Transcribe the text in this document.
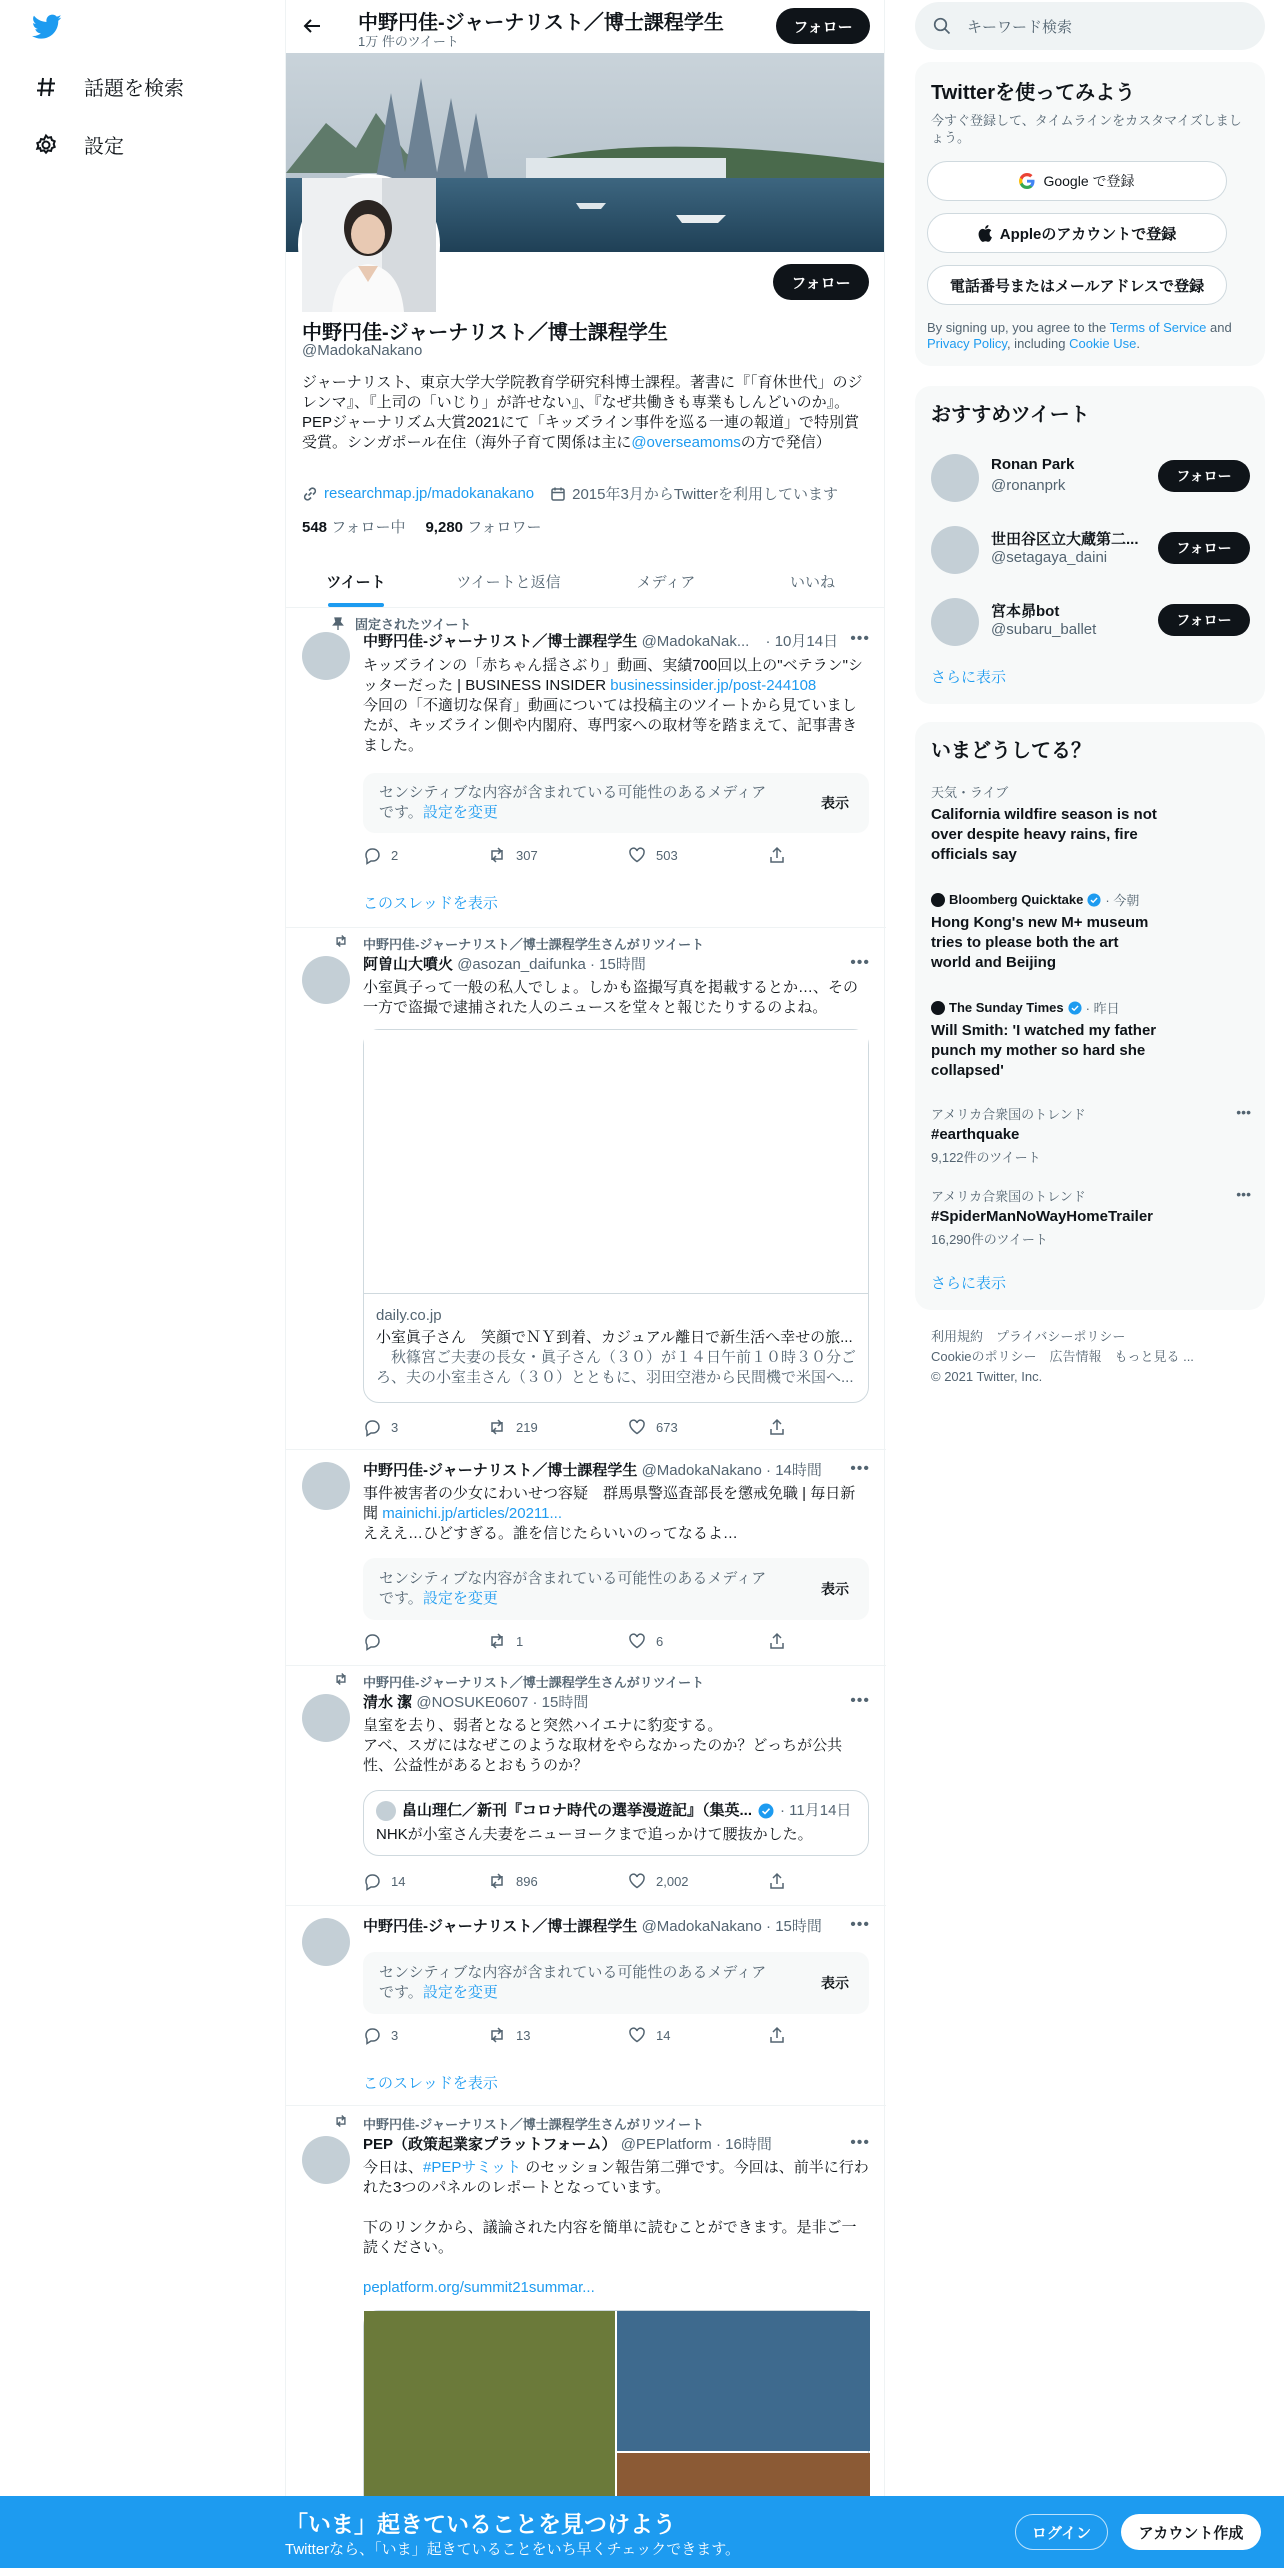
話題を検索
設定
中野円佳-ジャーナリスト／博士課程学生
1万 件のツイート
フォロー
フォロー
中野円佳-ジャーナリスト／博士課程学生
@MadokaNakano
ジャーナリスト、東京大学大学院教育学研究科博士課程。著書に『「育休世代」のジレンマ』、『上司の「いじり」が許せない』、『なぜ共働きも専業もしんどいのか』。PEPジャーナリズム大賞2021にて「キッズライン事件を巡る一連の報道」で特別賞受賞。シンガポール在住（海外子育て関係は主に@overseamomsの方で発信）
researchmap.jp/madokanakano	2015年3月からTwitterを利用しています
548 フォロー中 9,280 フォロワー
ツイート	ツイートと返信	メディア	いいね
固定されたツイート
中野円佳-ジャーナリスト／博士課程学生 @MadokaNak... · 10月14日 •••
キッズラインの「赤ちゃん揺さぶり」動画、実績700回以上の"ベテラン"シッターだった | BUSINESS INSIDER businessinsider.jp/post-244108
今回の「不適切な保育」動画については投稿主のツイートから見ていましたが、キッズライン側や内閣府、専門家への取材等を踏まえて、記事書きました。
センシティブな内容が含まれている可能性のあるメディアです。設定を変更
表示
2	307	503
このスレッドを表示
中野円佳-ジャーナリスト／博士課程学生さんがリツイート
阿曽山大噴火 @asozan_daifunka · 15時間	•••
小室眞子って一般の私人でしょ。しかも盗撮写真を掲載するとか…、その一方で盗撮で逮捕された人のニュースを堂々と報じたりするのよね。
daily.co.jp
小室眞子さん　笑顔でＮＹ到着、カジュアル離日で新生活へ幸せの旅...
　秋篠宮ご夫妻の長女・眞子さん（３０）が１４日午前１０時３０分ごろ、夫の小室圭さん（３０）とともに、羽田空港から民間機で米国へ...
3	219	673
中野円佳-ジャーナリスト／博士課程学生 @MadokaNakano · 14時間 •••
事件被害者の少女にわいせつ容疑　群馬県警巡査部長を懲戒免職 | 毎日新聞 mainichi.jp/articles/20211...
えええ…ひどすぎる。誰を信じたらいいのってなるよ…
センシティブな内容が含まれている可能性のあるメディアです。設定を変更
表示
1	6
中野円佳-ジャーナリスト／博士課程学生さんがリツイート
清水 潔 @NOSUKE0607 · 15時間	•••
皇室を去り、弱者となると突然ハイエナに豹変する。
アベ、スガにはなぜこのような取材をやらなかったのか？どっちが公共性、公益性があるとおもうのか？
畠山理仁／新刊『コロナ時代の選挙漫遊記』（集英... · 11月14日
NHKが小室さん夫妻をニューヨークまで追っかけて腰抜かした。
14	896	2,002
中野円佳-ジャーナリスト／博士課程学生 @MadokaNakano · 15時間 •••
センシティブな内容が含まれている可能性のあるメディアです。設定を変更
表示
3	13	14
このスレッドを表示
中野円佳-ジャーナリスト／博士課程学生さんがリツイート
PEP（政策起業家プラットフォーム） @PEPlatform · 16時間	•••
今日は、#PEPサミット のセッション報告第二弾です。今回は、前半に行われた3つのパネルのレポートとなっています。

下のリンクから、議論された内容を簡単に読むことができます。是非ご一読ください。

peplatform.org/summit21summar...
キーワード検索
Twitterを使ってみよう
今すぐ登録して、タイムラインをカスタマイズしましょう。
Google で登録
Appleのアカウントで登録
電話番号またはメールアドレスで登録
By signing up, you agree to the Terms of Service and Privacy Policy, including Cookie Use.
おすすめツイート
Ronan Park
@ronanprk
フォロー
世田谷区立大蔵第二...
@setagaya_daini
フォロー
宮本昴bot
@subaru_ballet
フォロー
さらに表示
いまどうしてる？
天気・ライブ
California wildfire season is not over despite heavy rains, fire officials say
Bloomberg Quicktake · 今朝
Hong Kong's new M+ museum tries to please both the art world and Beijing
The Sunday Times · 昨日
Will Smith: 'I watched my father punch my mother so hard she collapsed'
アメリカ合衆国のトレンド
#earthquake
9,122件のツイート
•••
アメリカ合衆国のトレンド
#SpiderManNoWayHomeTrailer
16,290件のツイート
•••
さらに表示
利用規約　プライバシーポリシー
Cookieのポリシー　広告情報　もっと見る ...
© 2021 Twitter, Inc.
「いま」起きていることを見つけよう
Twitterなら、「いま」起きていることをいち早くチェックできます。
ログイン	アカウント作成
